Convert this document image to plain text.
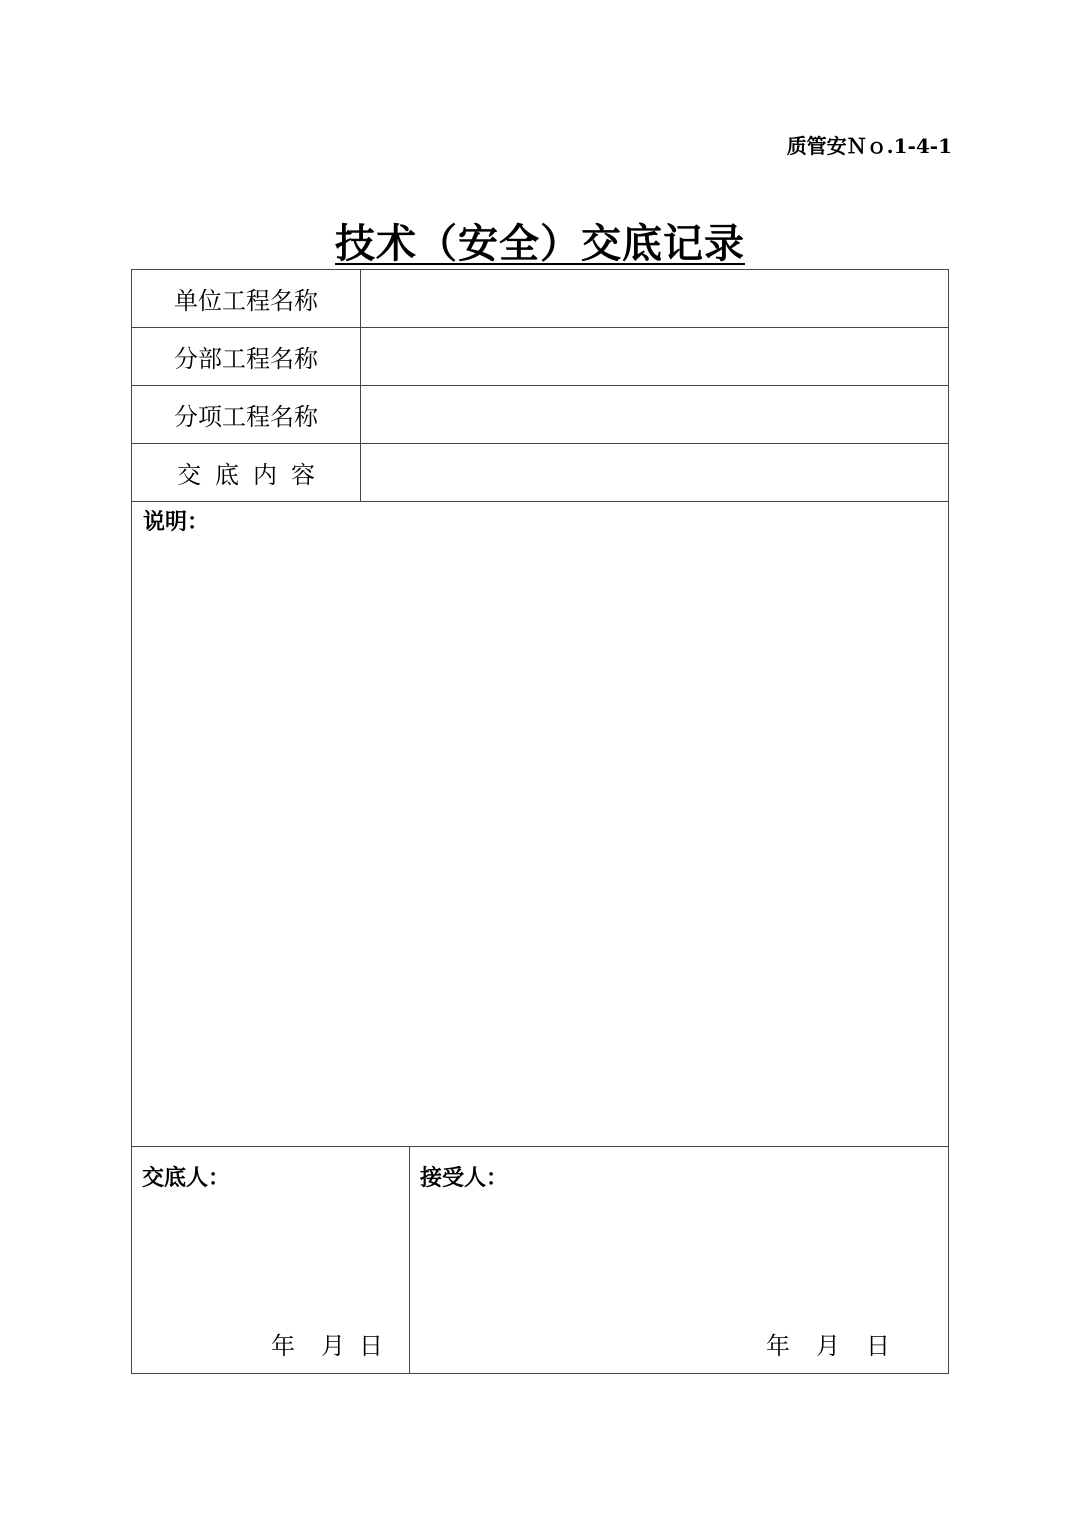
质管安Ｎｏ.1-4-1
技术（安全）交底记录
单位工程名称
分部工程名称
分项工程名称
交底内容
说明：
交底人：
年 月 日
接受人：
年 月 日
